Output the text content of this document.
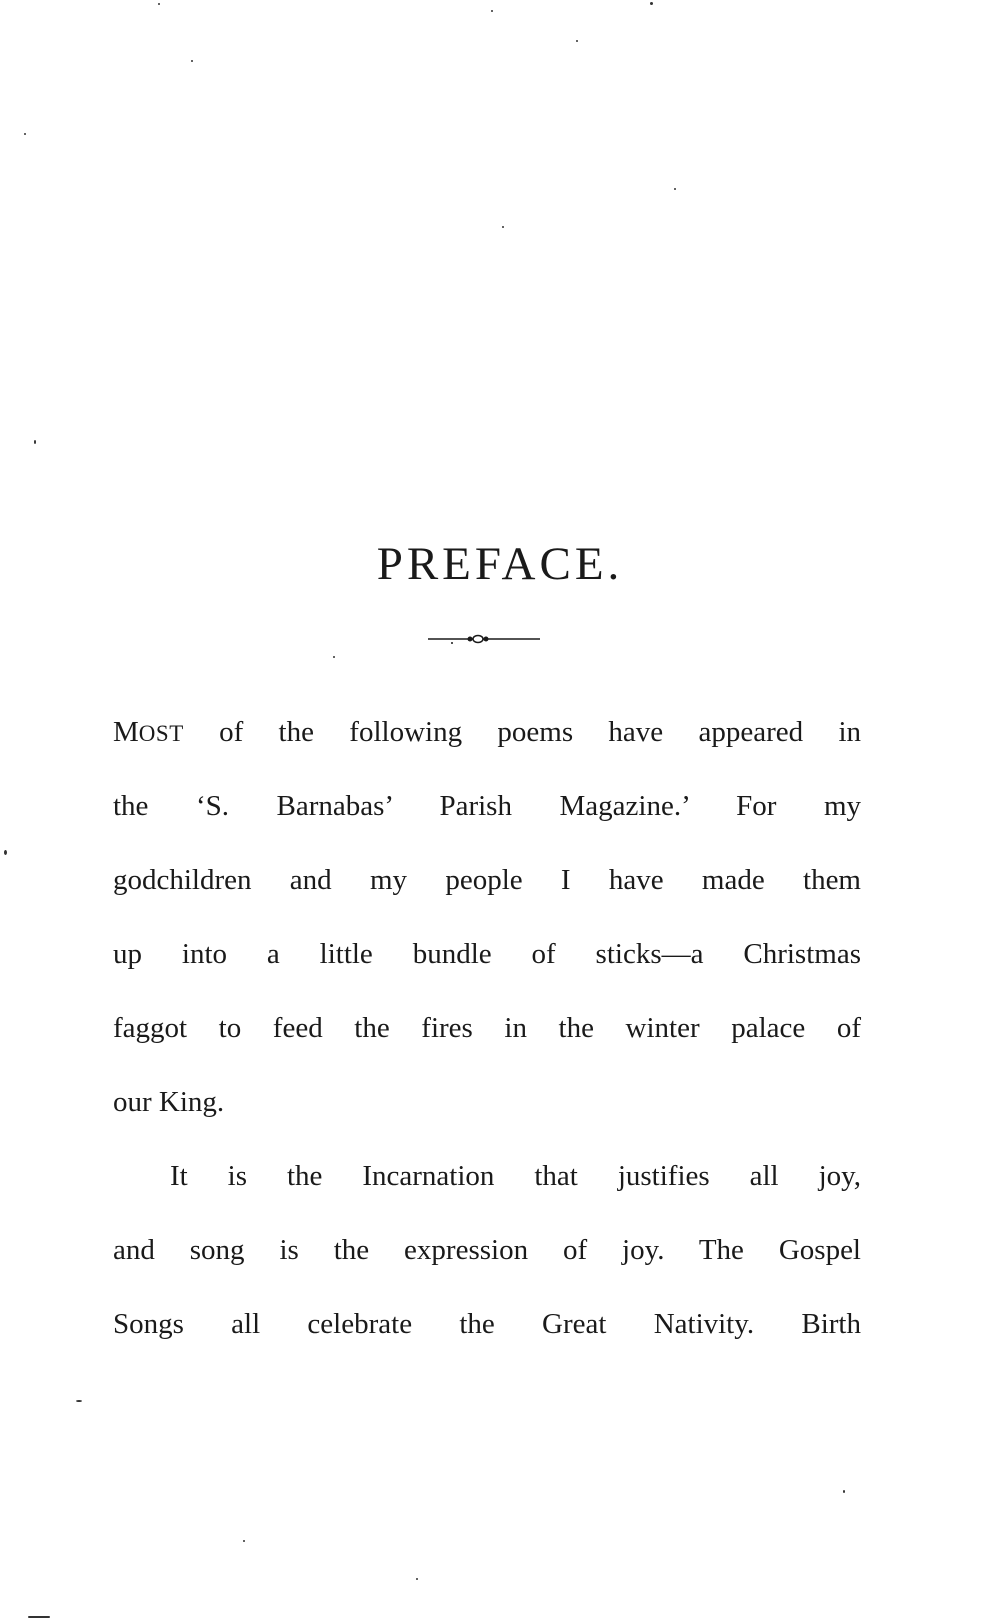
PREFACE.
MOST of the following poems have appeared in
the ‘S. Barnabas’ Parish Magazine.’ For my
godchildren and my people I have made them
up into a little bundle of sticks—a Christmas
faggot to feed the fires in the winter palace of
our King.
It is the Incarnation that justifies all joy,
and song is the expression of joy. The Gospel
Songs all celebrate the Great Nativity. Birth
